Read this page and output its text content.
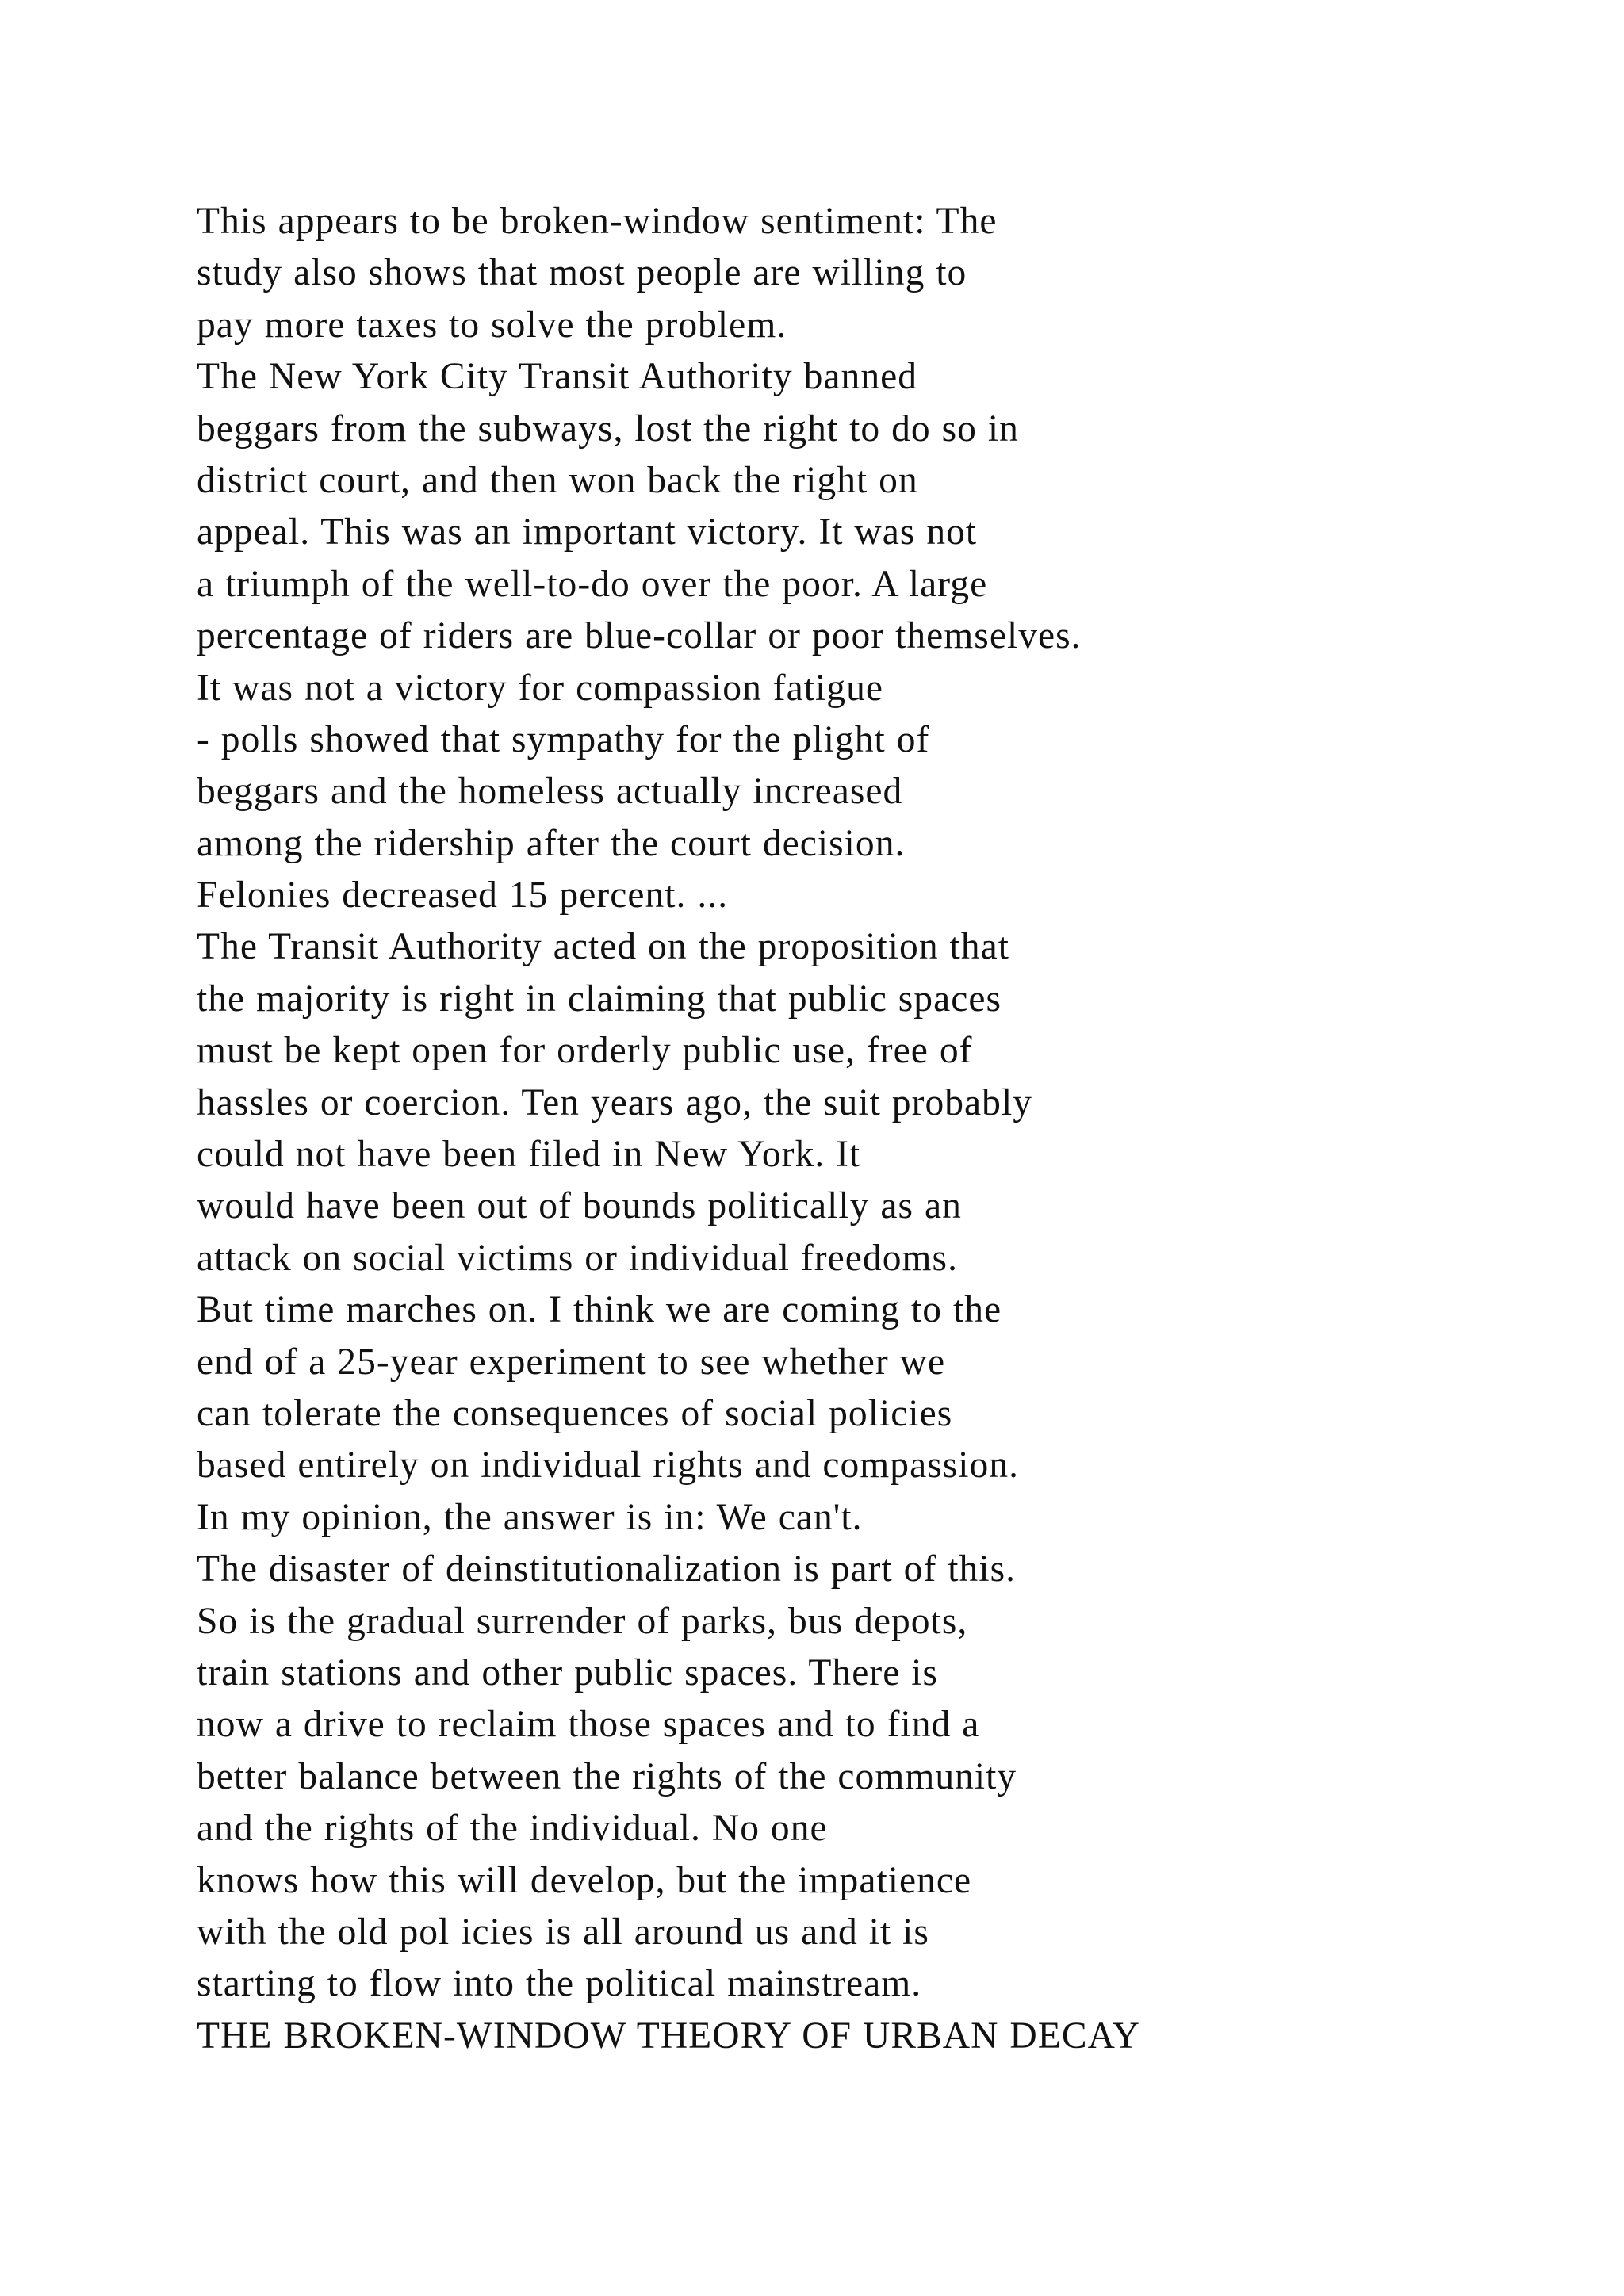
This appears to be broken-window sentiment: The
study also shows that most people are willing to
pay more taxes to solve the problem.
The New York City Transit Authority banned
beggars from the subways, lost the right to do so in
district court, and then won back the right on
appeal. This was an important victory. It was not
a triumph of the well-to-do over the poor. A large
percentage of riders are blue-collar or poor themselves.
It was not a victory for compassion fatigue
- polls showed that sympathy for the plight of
beggars and the homeless actually increased
among the ridership after the court decision.
Felonies decreased 15 percent. ...
The Transit Authority acted on the proposition that
the majority is right in claiming that public spaces
must be kept open for orderly public use, free of
hassles or coercion. Ten years ago, the suit probably
could not have been filed in New York. It
would have been out of bounds politically as an
attack on social victims or individual freedoms.
But time marches on. I think we are coming to the
end of a 25-year experiment to see whether we
can tolerate the consequences of social policies
based entirely on individual rights and compassion.
In my opinion, the answer is in: We can't.
The disaster of deinstitutionalization is part of this.
So is the gradual surrender of parks, bus depots,
train stations and other public spaces. There is
now a drive to reclaim those spaces and to find a
better balance between the rights of the community
and the rights of the individual. No one
knows how this will develop, but the impatience
with the old pol icies is all around us and it is
starting to flow into the political mainstream.
THE BROKEN-WINDOW THEORY OF URBAN DECAY
